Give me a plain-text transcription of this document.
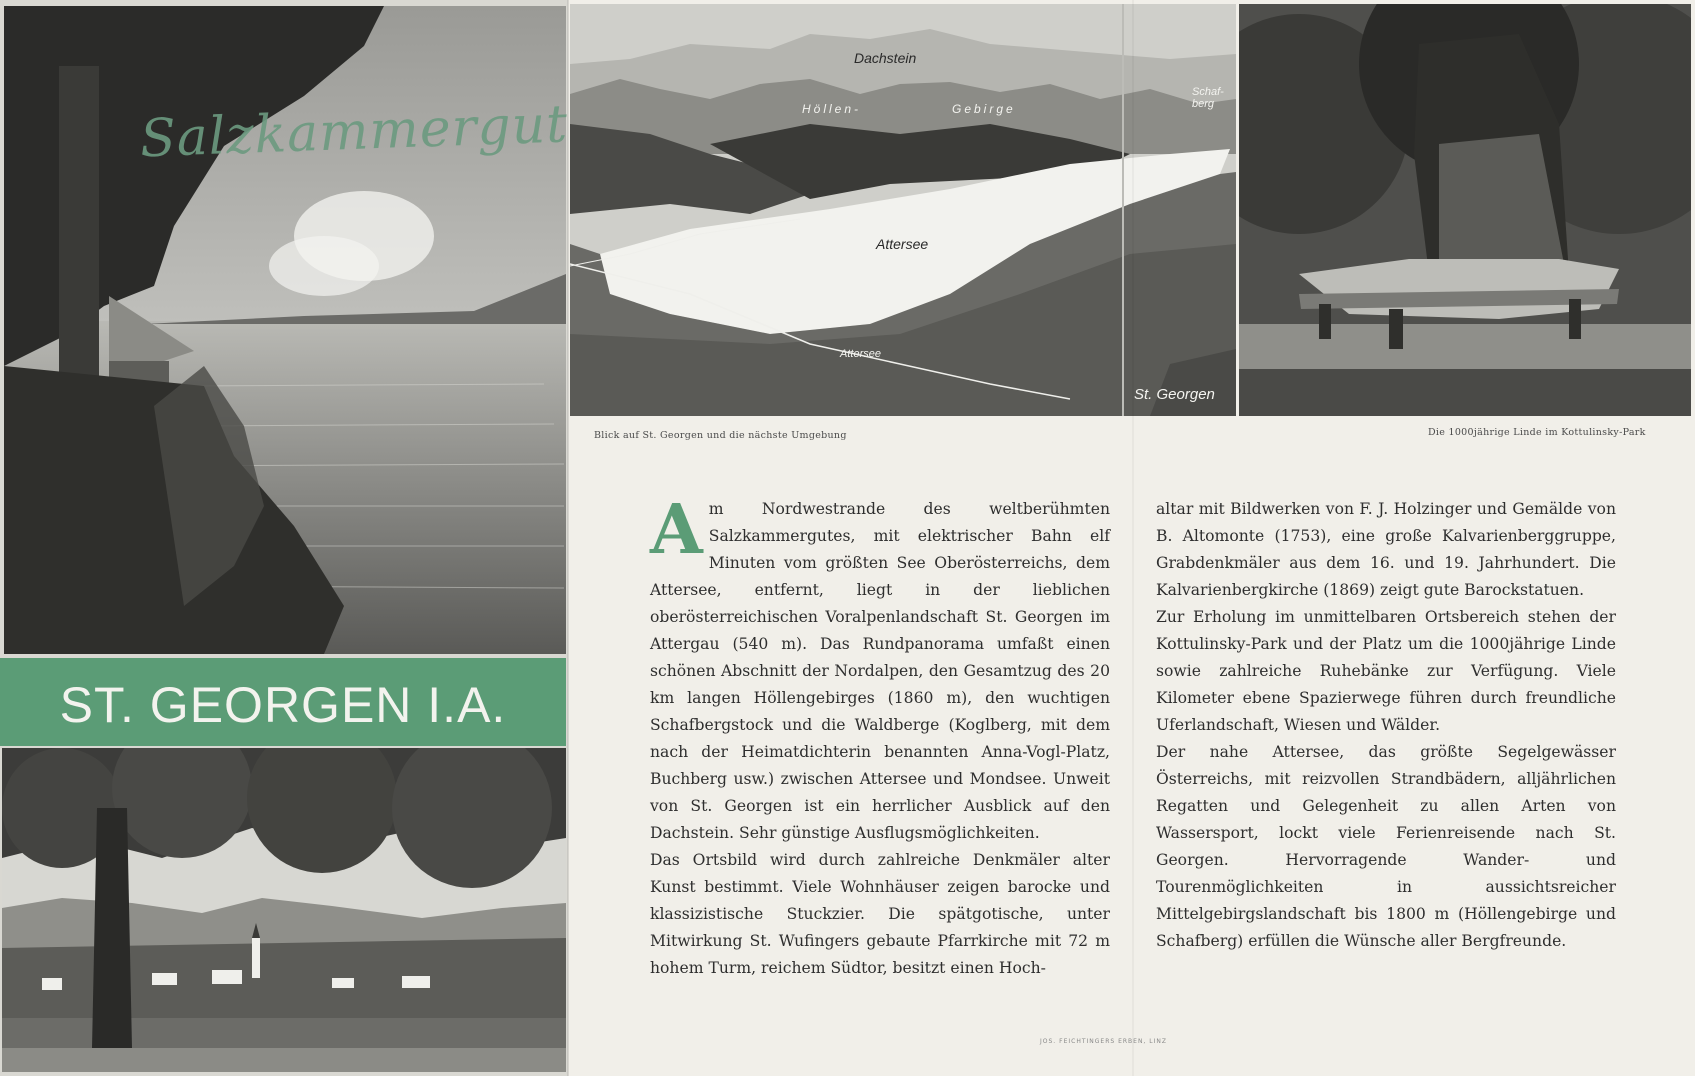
Salzkammergut
ST. GEORGEN I.A.
Dachstein
Höllen-	Gebirge
Schaf-
berg
Attersee
Attersee
St. Georgen
Blick auf St. Georgen und die nächste Umgebung	Die 1000jährige Linde im Kottulinsky-Park
A m Nordwestrande des weltberühmten Salzkammergutes, mit elektrischer Bahn elf Minuten vom größten See Oberösterreichs, dem Attersee, entfernt, liegt in der lieblichen oberösterreichischen Voralpenlandschaft St. Georgen im Attergau (540 m). Das Rundpanorama umfaßt einen schönen Abschnitt der Nordalpen, den Gesamtzug des 20 km langen Höllengebirges (1860 m), den wuchtigen Schafbergstock und die Waldberge (Koglberg, mit dem nach der Heimatdichterin benannten Anna-Vogl-Platz, Buchberg usw.) zwischen Attersee und Mondsee. Unweit von St. Georgen ist ein herrlicher Ausblick auf den Dachstein. Sehr günstige Ausflugsmöglichkeiten.

Das Ortsbild wird durch zahlreiche Denkmäler alter Kunst bestimmt. Viele Wohnhäuser zeigen barocke und klassizistische Stuckzier. Die spätgotische, unter Mitwirkung St. Wufingers gebaute Pfarrkirche mit 72 m hohem Turm, reichem Südtor, besitzt einen Hoch-

altar mit Bildwerken von F. J. Holzinger und Gemälde von B. Altomonte (1753), eine große Kalvarienberggruppe, Grabdenkmäler aus dem 16. und 19. Jahrhundert. Die Kalvarienbergkirche (1869) zeigt gute Barockstatuen.

Zur Erholung im unmittelbaren Ortsbereich stehen der Kottulinsky-Park und der Platz um die 1000jährige Linde sowie zahlreiche Ruhebänke zur Verfügung. Viele Kilometer ebene Spazierwege führen durch freundliche Uferlandschaft, Wiesen und Wälder.

Der nahe Attersee, das größte Segelgewässer Österreichs, mit reizvollen Strandbädern, alljährlichen Regatten und Gelegenheit zu allen Arten von Wassersport, lockt viele Ferienreisende nach St. Georgen. Hervorragende Wander- und Tourenmöglichkeiten in aussichtsreicher Mittelgebirgslandschaft bis 1800 m (Höllengebirge und Schafberg) erfüllen die Wünsche aller Bergfreunde.

JOS. FEICHTINGERS ERBEN, LINZ
